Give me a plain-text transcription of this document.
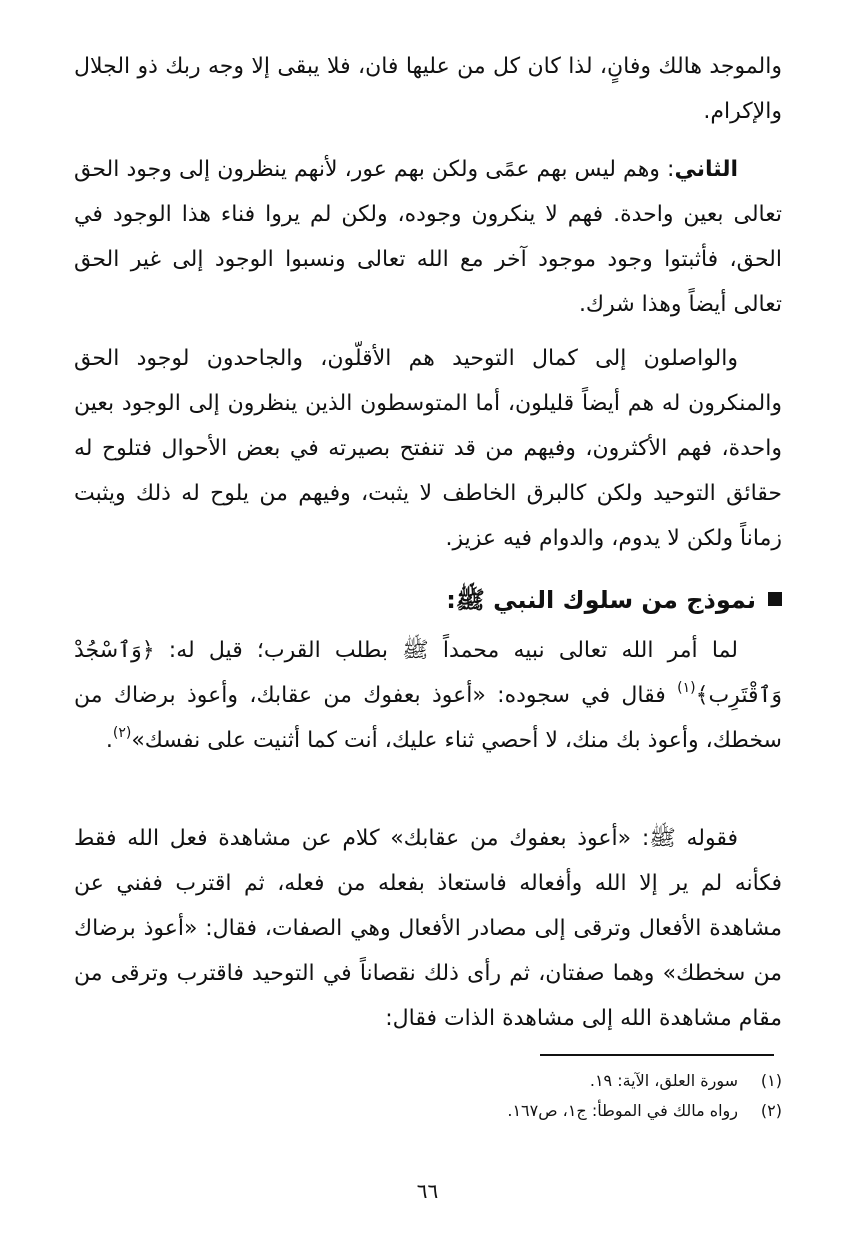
والموجد هالك وفانٍ، لذا كان كل من عليها فان، فلا يبقى إلا وجه ربك ذو الجلال والإكرام.

الثاني: وهم ليس بهم عمًى ولكن بهم عور، لأنهم ينظرون إلى وجود الحق تعالى بعين واحدة. فهم لا ينكرون وجوده، ولكن لم يروا فناء هذا الوجود في الحق، فأثبتوا وجود موجود آخر مع الله تعالى ونسبوا الوجود إلى غير الحق تعالى أيضاً وهذا شرك.

والواصلون إلى كمال التوحيد هم الأقلّون، والجاحدون لوجود الحق والمنكرون له هم أيضاً قليلون، أما المتوسطون الذين ينظرون إلى الوجود بعين واحدة، فهم الأكثرون، وفيهم من قد تنفتح بصيرته في بعض الأحوال فتلوح له حقائق التوحيد ولكن كالبرق الخاطف لا يثبت، وفيهم من يلوح له ذلك ويثبت زماناً ولكن لا يدوم، والدوام فيه عزيز.

نموذج من سلوك النبي ﷺ:

لما أمر الله تعالى نبيه محمداً ﷺ بطلب القرب؛ قيل له: ﴿وَٱسْجُدْ وَٱقْتَرِب﴾$^{(١)}$ فقال في سجوده: «أعوذ بعفوك من عقابك، وأعوذ برضاك من سخطك، وأعوذ بك منك، لا أحصي ثناء عليك، أنت كما أثنيت على نفسك»$^{(٢)}$.

فقوله ﷺ: «أعوذ بعفوك من عقابك» كلام عن مشاهدة فعل الله فقط فكأنه لم ير إلا الله وأفعاله فاستعاذ بفعله من فعله، ثم اقترب ففني عن مشاهدة الأفعال وترقى إلى مصادر الأفعال وهي الصفات، فقال: «أعوذ برضاك من سخطك» وهما صفتان، ثم رأى ذلك نقصاناً في التوحيد فاقترب وترقى من مقام مشاهدة الله إلى مشاهدة الذات فقال:

(١)سورة العلق، الآية: ١٩.

(٢)رواه مالك في الموطأ: ج١، ص١٦٧.

٦٦
